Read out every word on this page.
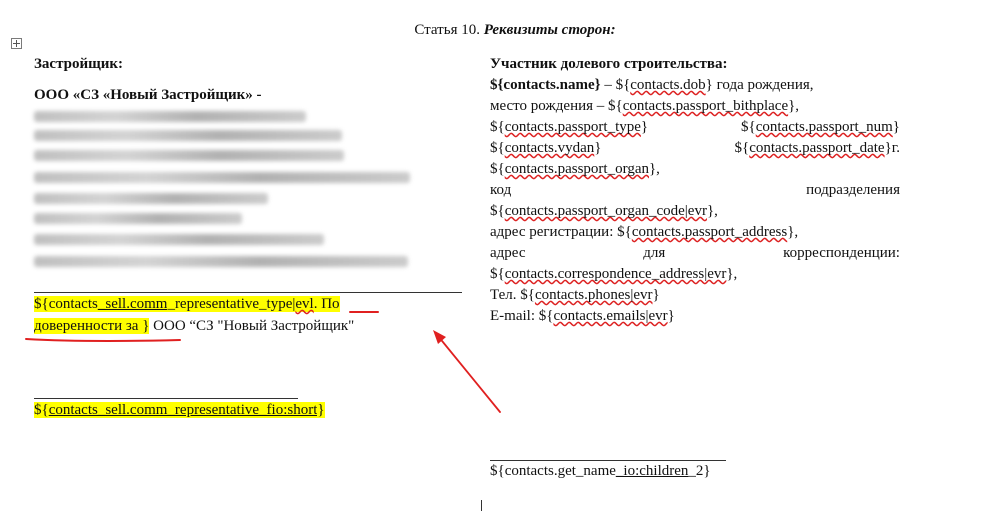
Статья 10. Реквизиты сторон:
Застройщик:
ООО «СЗ «Новый Застройщик» -
${contacts_sell.comm_representative_type|evl. По
доверенности за } ООО “СЗ "Новый Застройщик"
${contacts_sell.comm_representative_fio:short}
Участник долевого строительства:
${contacts.name} – ${contacts.dob} года рождения,
место рождения – ${contacts.passport_bithplace},
${contacts.passport_type}	${contacts.passport_num}
${contacts.vydan}	${contacts.passport_date}г.
${contacts.passport_organ},
код	подразделения
${contacts.passport_organ_code|evr},
адрес регистрации: ${contacts.passport_address},
адрес	для	корреспонденции:
${contacts.correspondence_address|evr},
Тел. ${contacts.phones|evr}
E-mail: ${contacts.emails|evr}
${contacts.get_name_io:children_2}
